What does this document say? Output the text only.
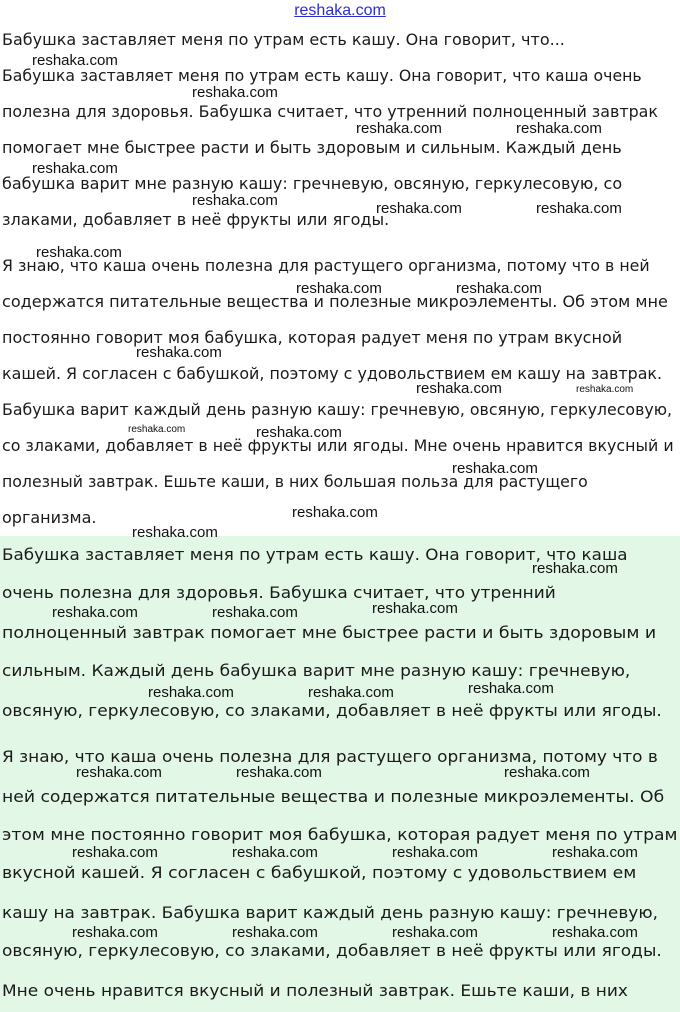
reshaka.com
Бабушка заставляет меня по утрам есть кашу. Она говорит, что...
Бабушка заставляет меня по утрам есть кашу. Она говорит, что каша очень
полезна для здоровья. Бабушка считает, что утренний полноценный завтрак
помогает мне быстрее расти и быть здоровым и сильным. Каждый день
бабушка варит мне разную кашу: гречневую, овсяную, геркулесовую, со
злаками, добавляет в неё фрукты или ягоды.
Я знаю, что каша очень полезна для растущего организма, потому что в ней
содержатся питательные вещества и полезные микроэлементы. Об этом мне
постоянно говорит моя бабушка, которая радует меня по утрам вкусной
кашей. Я согласен с бабушкой, поэтому с удовольствием ем кашу на завтрак.
Бабушка варит каждый день разную кашу: гречневую, овсяную, геркулесовую,
со злаками, добавляет в неё фрукты или ягоды. Мне очень нравится вкусный и
полезный завтрак. Ешьте каши, в них большая польза для растущего
организма.
Бабушка заставляет меня по утрам есть кашу. Она говорит, что каша
очень полезна для здоровья. Бабушка считает, что утренний
полноценный завтрак помогает мне быстрее расти и быть здоровым и
сильным. Каждый день бабушка варит мне разную кашу: гречневую,
овсяную, геркулесовую, со злаками, добавляет в неё фрукты или ягоды.
Я знаю, что каша очень полезна для растущего организма, потому что в
ней содержатся питательные вещества и полезные микроэлементы. Об
этом мне постоянно говорит моя бабушка, которая радует меня по утрам
вкусной кашей. Я согласен с бабушкой, поэтому с удовольствием ем
кашу на завтрак. Бабушка варит каждый день разную кашу: гречневую,
овсяную, геркулесовую, со злаками, добавляет в неё фрукты или ягоды.
Мне очень нравится вкусный и полезный завтрак. Ешьте каши, в них
reshaka.com
reshaka.com
reshaka.com	reshaka.com
reshaka.com
reshaka.com	reshaka.com	reshaka.com
reshaka.com
reshaka.com	reshaka.com
reshaka.com
reshaka.com
reshaka.com
reshaka.com
reshaka.com
reshaka.com
reshaka.com
reshaka.com
reshaka.com
reshaka.com	reshaka.com	reshaka.com
reshaka.com	reshaka.com	reshaka.com
reshaka.com	reshaka.com	reshaka.com
reshaka.com	reshaka.com	reshaka.com	reshaka.com
reshaka.com	reshaka.com	reshaka.com	reshaka.com
